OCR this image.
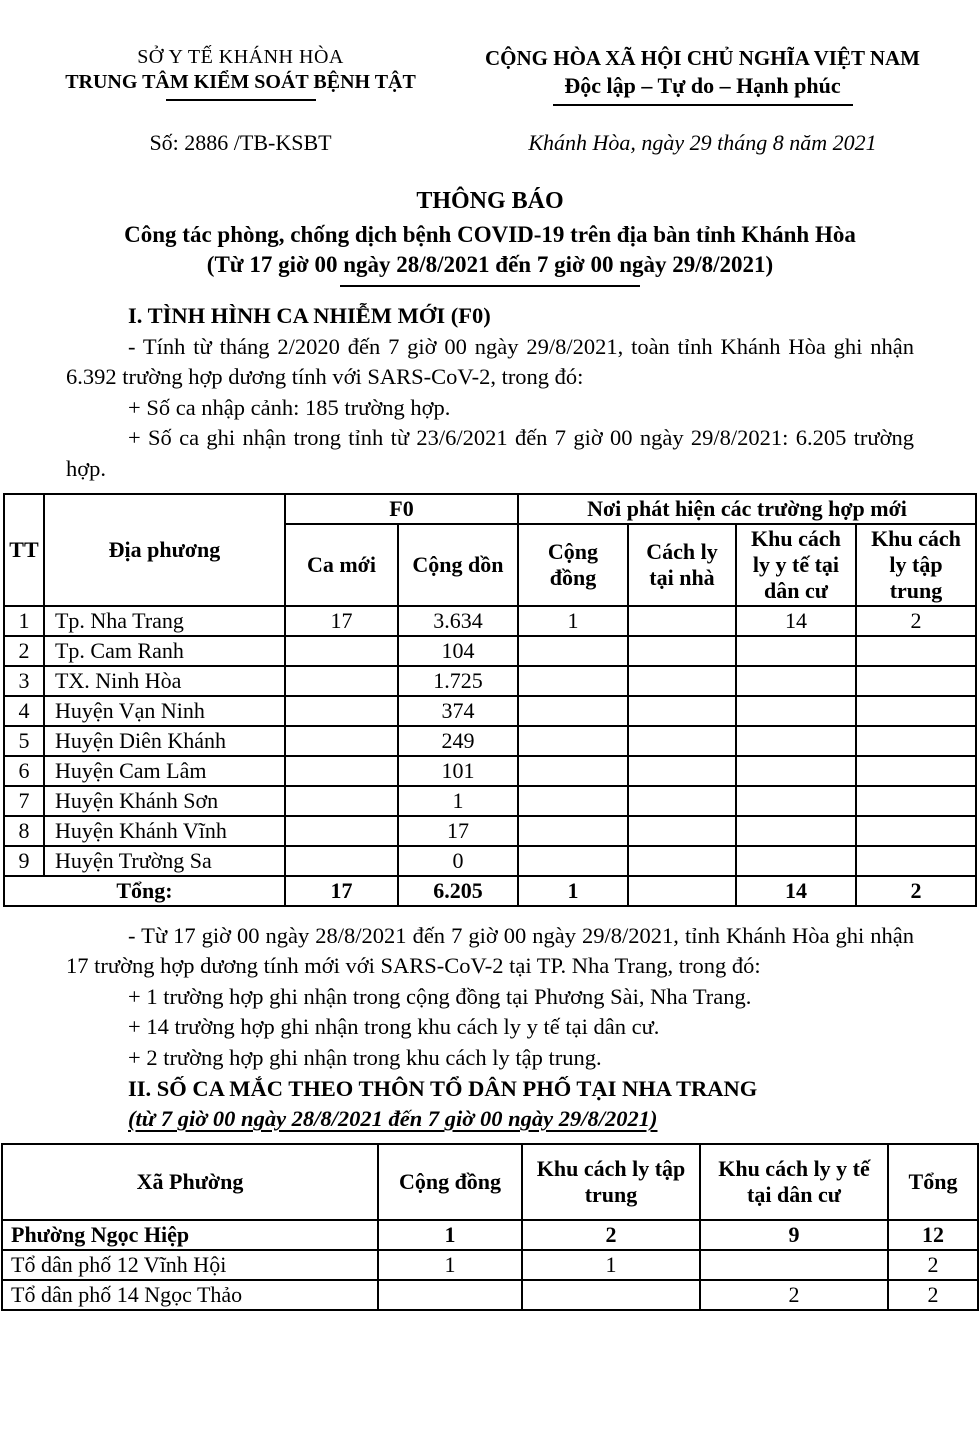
SỞ Y TẾ KHÁNH HÒA
TRUNG TÂM KIỂM SOÁT BỆNH TẬT
CỘNG HÒA XÃ HỘI CHỦ NGHĨA VIỆT NAM
Độc lập – Tự do – Hạnh phúc
Số: 2886 /TB-KSBT	Khánh Hòa, ngày 29 tháng 8 năm 2021
THÔNG BÁO
Công tác phòng, chống dịch bệnh COVID-19 trên địa bàn tỉnh Khánh Hòa
(Từ 17 giờ 00 ngày 28/8/2021 đến 7 giờ 00 ngày 29/8/2021)

I. TÌNH HÌNH CA NHIỄM MỚI (F0)

- Tính từ tháng 2/2020 đến 7 giờ 00 ngày 29/8/2021, toàn tỉnh Khánh Hòa ghi nhận 6.392 trường hợp dương tính với SARS-CoV-2, trong đó:

+ Số ca nhập cảnh: 185 trường hợp.

+ Số ca ghi nhận trong tỉnh từ 23/6/2021 đến 7 giờ 00 ngày 29/8/2021: 6.205 trường hợp.

TT	Địa phương	F0		Nơi phát hiện các trường hợp mới			
		Ca mới	Cộng dồn	Cộng đồng	Cách ly tại nhà	Khu cách ly y tế tại dân cư	Khu cách ly tập trung
1	Tp. Nha Trang	17	3.634	1		14	2
2	Tp. Cam Ranh		104				
3	TX. Ninh Hòa		1.725				
4	Huyện Vạn Ninh		374				
5	Huyện Diên Khánh		249				
6	Huyện Cam Lâm		101				
7	Huyện Khánh Sơn		1				
8	Huyện Khánh Vĩnh		17				
9	Huyện Trường Sa		0				
Tổng:		17	6.205	1		14	2

- Từ 17 giờ 00 ngày 28/8/2021 đến 7 giờ 00 ngày 29/8/2021, tỉnh Khánh Hòa ghi nhận 17 trường hợp dương tính mới với SARS-CoV-2 tại TP. Nha Trang, trong đó:

+ 1 trường hợp ghi nhận trong cộng đồng tại Phương Sài, Nha Trang.

+ 14 trường hợp ghi nhận trong khu cách ly y tế tại dân cư.

+ 2 trường hợp ghi nhận trong khu cách ly tập trung.

II. SỐ CA MẮC THEO THÔN TỔ DÂN PHỐ TẠI NHA TRANG

(từ 7 giờ 00 ngày 28/8/2021 đến 7 giờ 00 ngày 29/8/2021)

Xã Phường	Cộng đồng	Khu cách ly tập trung	Khu cách ly y tế tại dân cư	Tổng
Phường Ngọc Hiệp	1	2	9	12
Tổ dân phố 12 Vĩnh Hội	1	1		2
Tổ dân phố 14 Ngọc Thảo			2	2
